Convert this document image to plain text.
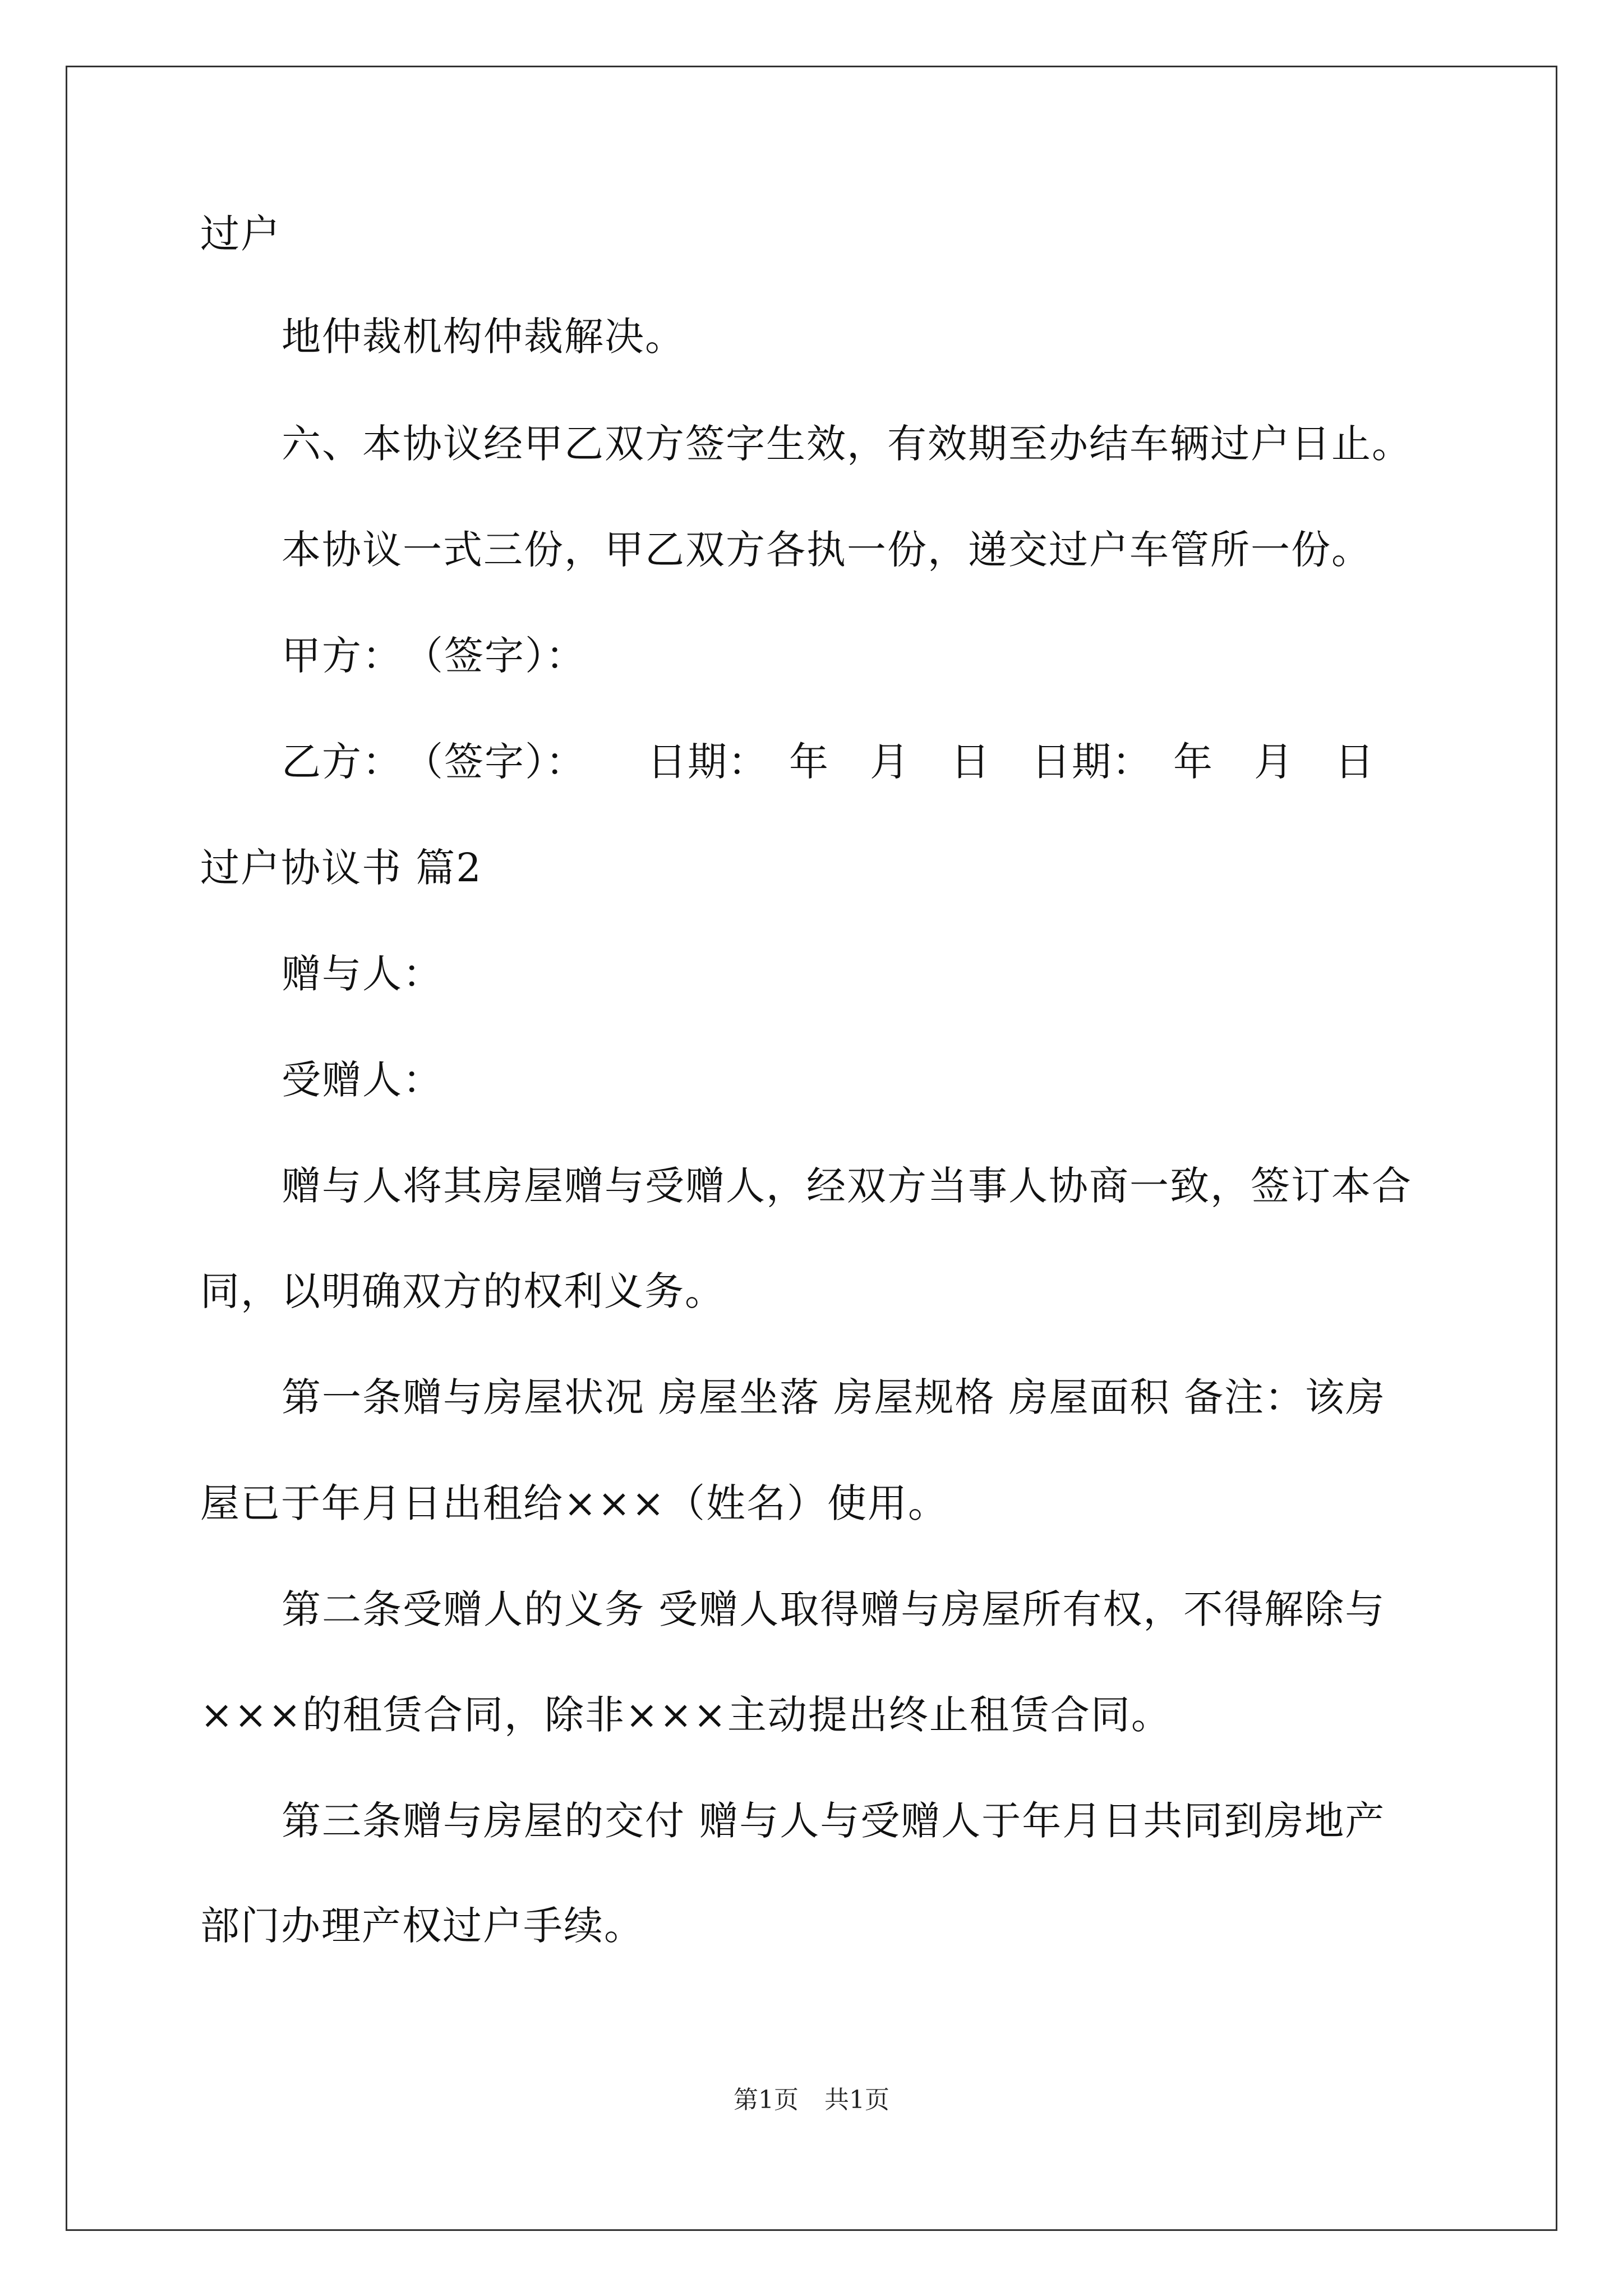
过户
地仲裁机构仲裁解决。
六、本协议经甲乙双方签字生效，有效期至办结车辆过户日止。
本协议一式三份，甲乙双方各执一份，递交过户车管所一份。
甲方：　（签字）：
乙方：　（签字）：　　日期：　年　月　日　日期：　年　月　日
过户协议书 篇2
赠与人：
受赠人：
赠与人将其房屋赠与受赠人，经双方当事人协商一致，签订本合
同，以明确双方的权利义务。
第一条赠与房屋状况 房屋坐落 房屋规格 房屋面积 备注：该房
屋已于年月日出租给×××（姓名）使用。
第二条受赠人的义务 受赠人取得赠与房屋所有权，不得解除与
×××的租赁合同，除非×××主动提出终止租赁合同。
第三条赠与房屋的交付 赠与人与受赠人于年月日共同到房地产
部门办理产权过户手续。
第1页 共1页
